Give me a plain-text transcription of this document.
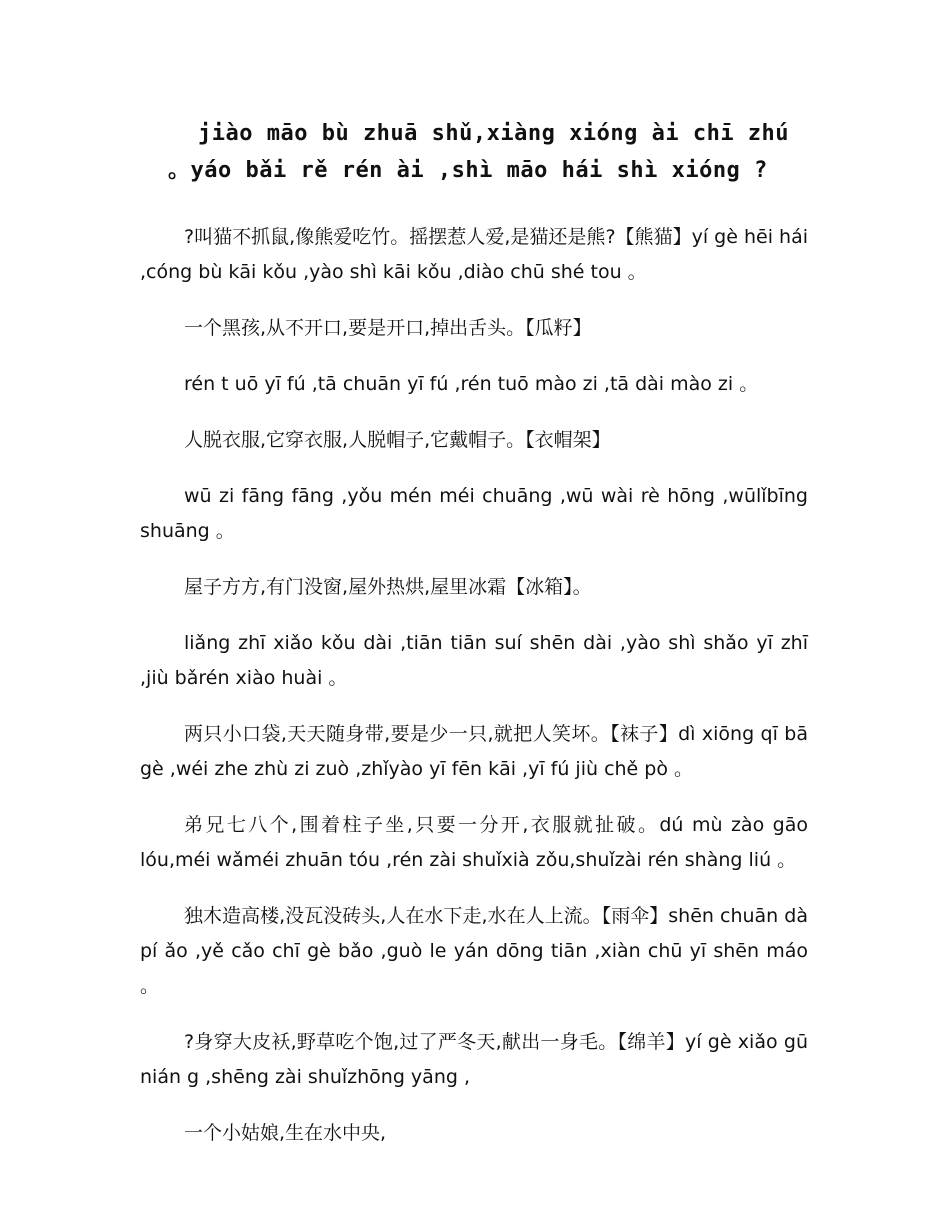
jiào māo bù zhuā shǔ,xiàng xióng ài chī zhú
。yáo bǎi rě rén ài ,shì māo hái shì xióng ?

?叫猫不抓鼠,像熊爱吃竹。摇摆惹人爱,是猫还是熊?【熊猫】yí gè hēi hái ,cóng bù kāi kǒu ,yào shì kāi kǒu ,diào chū shé tou 。

一个黑孩,从不开口,要是开口,掉出舌头。【瓜籽】

rén t uō yī fú ,tā chuān yī fú ,rén tuō mào zi ,tā dài mào zi 。

人脱衣服,它穿衣服,人脱帽子,它戴帽子。【衣帽架】

wū zi fāng fāng ,yǒu mén méi chuāng ,wū wài rè hōng ,wūlǐbīng shuāng 。

屋子方方,有门没窗,屋外热烘,屋里冰霜【冰箱】。

liǎng zhī xiǎo kǒu dài ,tiān tiān suí shēn dài ,yào shì shǎo yī zhī ,jiù bǎrén xiào huài 。

两只小口袋,天天随身带,要是少一只,就把人笑坏。【袜子】dì xiōng qī bā gè ,wéi zhe zhù zi zuò ,zhǐyào yī fēn kāi ,yī fú jiù chě pò 。

弟兄七八个,围着柱子坐,只要一分开,衣服就扯破。dú mù zào gāo lóu,méi wǎméi zhuān tóu ,rén zài shuǐxià zǒu,shuǐzài rén shàng liú 。

独木造高楼,没瓦没砖头,人在水下走,水在人上流。【雨伞】shēn chuān dà pí ǎo ,yě cǎo chī gè bǎo ,guò le yán dōng tiān ,xiàn chū yī shēn máo 。

?身穿大皮袄,野草吃个饱,过了严冬天,献出一身毛。【绵羊】yí gè xiǎo gū nián g ,shēng zài shuǐzhōng yāng ,

一个小姑娘,生在水中央,
